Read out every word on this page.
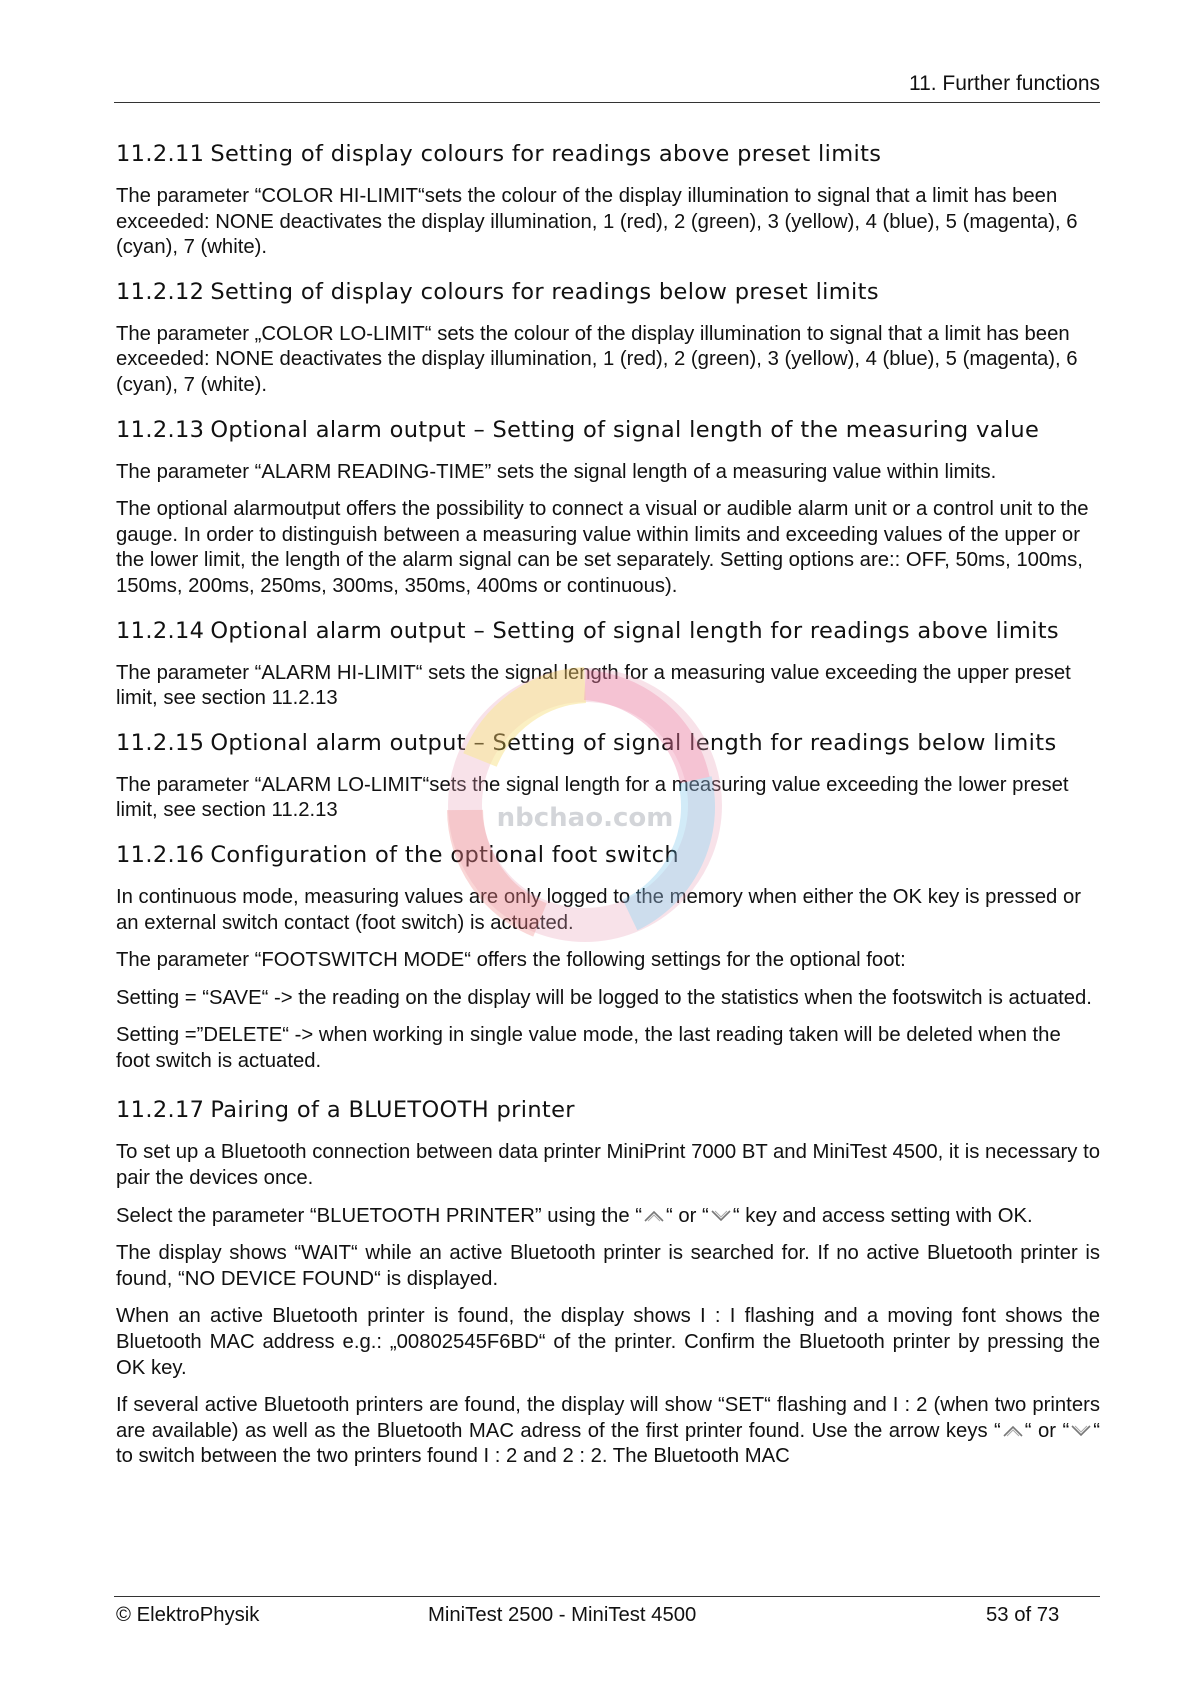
11. Further functions
11.2.11 Setting of display colours for readings above preset limits

The parameter “COLOR HI-LIMIT“sets the colour of the display illumination to signal that a limit has been exceeded: NONE deactivates the display illumination, 1 (red), 2 (green), 3 (yellow), 4 (blue), 5 (magenta), 6 (cyan), 7 (white).

11.2.12 Setting of display colours for readings below preset limits

The parameter „COLOR LO-LIMIT“ sets the colour of the display illumination to signal that a limit has been exceeded: NONE deactivates the display illumination, 1 (red), 2 (green), 3 (yellow), 4 (blue), 5 (magenta), 6 (cyan), 7 (white).

11.2.13 Optional alarm output – Setting of signal length of the measuring value

The parameter “ALARM READING-TIME” sets the signal length of a measuring value within limits.

The optional alarmoutput offers the possibility to connect a visual or audible alarm unit or a control unit to the gauge. In order to distinguish between a measuring value within limits and exceeding values of the upper or the lower limit, the length of the alarm signal can be set separately. Setting options are:: OFF, 50ms, 100ms, 150ms, 200ms, 250ms, 300ms, 350ms, 400ms or continuous).

11.2.14 Optional alarm output – Setting of signal length for readings above limits

The parameter “ALARM HI-LIMIT“ sets the signal length for a measuring value exceeding the upper preset limit, see section 11.2.13

11.2.15 Optional alarm output – Setting of signal length for readings below limits

The parameter “ALARM LO-LIMIT“sets the signal length for a measuring value exceeding the lower preset limit, see section 11.2.13

11.2.16 Configuration of the optional foot switch

In continuous mode, measuring values are only logged to the memory when either the OK key is pressed or an external switch contact (foot switch) is actuated.

The parameter “FOOTSWITCH MODE“ offers the following settings for the optional foot:

Setting = “SAVE“ -> the reading on the display will be logged to the statistics when the footswitch is actuated.

Setting =”DELETE“ -> when working in single value mode, the last reading taken will be deleted when the foot switch is actuated.

11.2.17 Pairing of a BLUETOOTH printer

To set up a Bluetooth connection between data printer MiniPrint 7000 BT and MiniTest 4500, it is necessary to pair the devices once.

Select the parameter “BLUETOOTH PRINTER” using the “ “ or “ “ key and access setting with OK.

The display shows “WAIT“ while an active Bluetooth printer is searched for. If no active Bluetooth printer is found, “NO DEVICE FOUND“ is displayed.

When an active Bluetooth printer is found, the display shows I : I flashing and a moving font shows the Bluetooth MAC address e.g.: „00802545F6BD“ of the printer. Confirm the Bluetooth printer by pressing the OK key.

If several active Bluetooth printers are found, the display will show “SET“ flashing and I : 2 (when two printers are available) as well as the Bluetooth MAC adress of the first printer found. Use the arrow keys “ “ or “ “ to switch between the two printers found I : 2 and 2 : 2. The Bluetooth MAC

© ElektroPhysik	MiniTest 2500 - MiniTest 4500	53 of 73
nbchao.com
